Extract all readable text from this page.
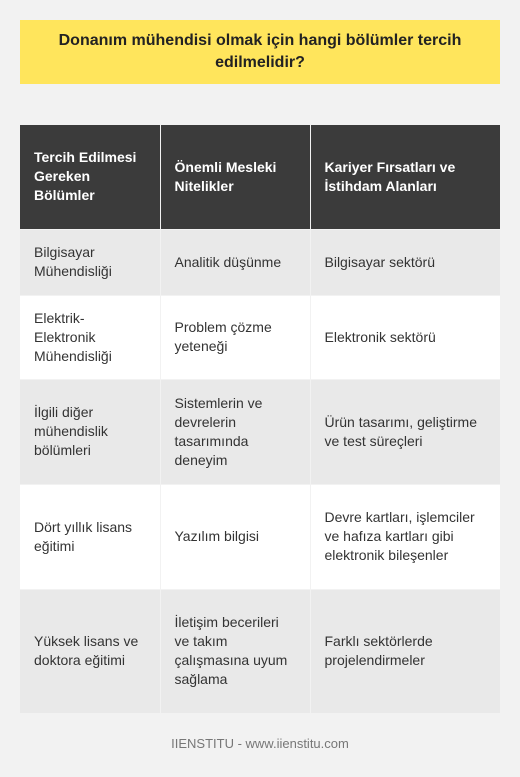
Donanım mühendisi olmak için hangi bölümler tercih edilmelidir?
Tercih Edilmesi Gereken Bölümler	Önemli Mesleki Nitelikler	Kariyer Fırsatları ve İstihdam Alanları
Bilgisayar Mühendisliği	Analitik düşünme	Bilgisayar sektörü
Elektrik-Elektronik Mühendisliği	Problem çözme yeteneği	Elektronik sektörü
İlgili diğer mühendislik bölümleri	Sistemlerin ve devrelerin tasarımında deneyim	Ürün tasarımı, geliştirme ve test süreçleri
Dört yıllık lisans eğitimi	Yazılım bilgisi	Devre kartları, işlemciler ve hafıza kartları gibi elektronik bileşenler
Yüksek lisans ve doktora eğitimi	İletişim becerileri ve takım çalışmasına uyum sağlama	Farklı sektörlerde projelendirmeler
IIENSTITU - www.iienstitu.com
